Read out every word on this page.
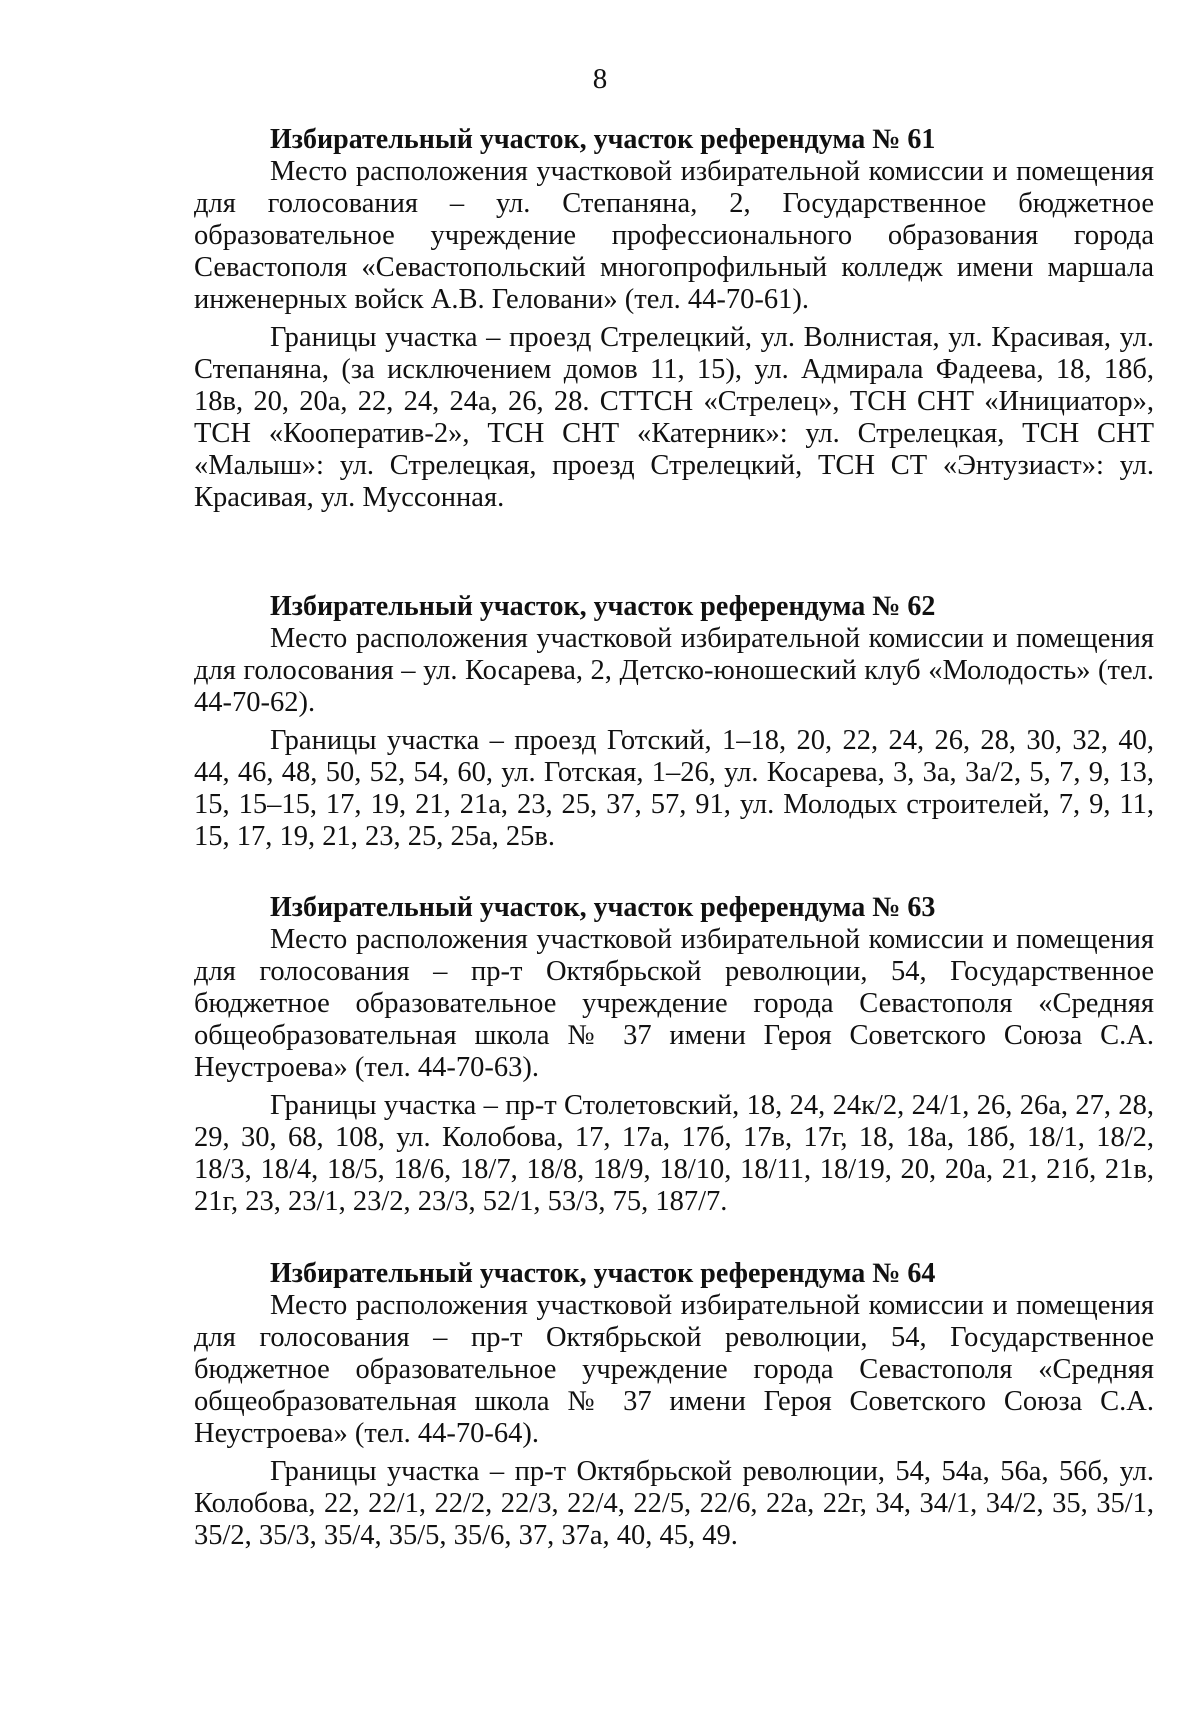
8
Избирательный участок, участок референдума № 61

Место расположения участковой избирательной комиссии и помещения для голосования – ул. Степаняна, 2, Государственное бюджетное образовательное учреждение профессионального образования города Севастополя «Севастопольский многопрофильный колледж имени маршала инженерных войск А.В. Геловани» (тел. 44-70-61).

Границы участка – проезд Стрелецкий, ул. Волнистая, ул. Красивая, ул. Степаняна, (за исключением домов 11, 15), ул. Адмирала Фадеева, 18, 18б, 18в, 20, 20а, 22, 24, 24а, 26, 28. СТТСН «Стрелец», ТСН СНТ «Инициатор», ТСН «Кооператив-2», ТСН СНТ «Катерник»: ул. Стрелецкая, ТСН СНТ «Малыш»: ул. Стрелецкая, проезд Стрелецкий, ТСН СТ «Энтузиаст»: ул. Красивая, ул. Муссонная.

Избирательный участок, участок референдума № 62

Место расположения участковой избирательной комиссии и помещения для голосования – ул. Косарева, 2, Детско-юношеский клуб «Молодость» (тел. 44-70-62).

Границы участка – проезд Готский, 1–18, 20, 22, 24, 26, 28, 30, 32, 40, 44, 46, 48, 50, 52, 54, 60, ул. Готская, 1–26, ул. Косарева, 3, 3а, 3а/2, 5, 7, 9, 13, 15, 15–15, 17, 19, 21, 21а, 23, 25, 37, 57, 91, ул. Молодых строителей, 7, 9, 11, 15, 17, 19, 21, 23, 25, 25а, 25в.

Избирательный участок, участок референдума № 63

Место расположения участковой избирательной комиссии и помещения для голосования – пр-т Октябрьской революции, 54, Государственное бюджетное образовательное учреждение города Севастополя «Средняя общеобразовательная школа № 37 имени Героя Советского Союза С.А. Неустроева» (тел. 44-70-63).

Границы участка – пр-т Столетовский, 18, 24, 24к/2, 24/1, 26, 26а, 27, 28, 29, 30, 68, 108, ул. Колобова, 17, 17а, 17б, 17в, 17г, 18, 18а, 18б, 18/1, 18/2, 18/3, 18/4, 18/5, 18/6, 18/7, 18/8, 18/9, 18/10, 18/11, 18/19, 20, 20а, 21, 21б, 21в, 21г, 23, 23/1, 23/2, 23/3, 52/1, 53/3, 75, 187/7.

Избирательный участок, участок референдума № 64

Место расположения участковой избирательной комиссии и помещения для голосования – пр-т Октябрьской революции, 54, Государственное бюджетное образовательное учреждение города Севастополя «Средняя общеобразовательная школа № 37 имени Героя Советского Союза С.А. Неустроева» (тел. 44-70-64).

Границы участка – пр-т Октябрьской революции, 54, 54а, 56а, 56б, ул. Колобова, 22, 22/1, 22/2, 22/3, 22/4, 22/5, 22/6, 22а, 22г, 34, 34/1, 34/2, 35, 35/1, 35/2, 35/3, 35/4, 35/5, 35/6, 37, 37а, 40, 45, 49.
